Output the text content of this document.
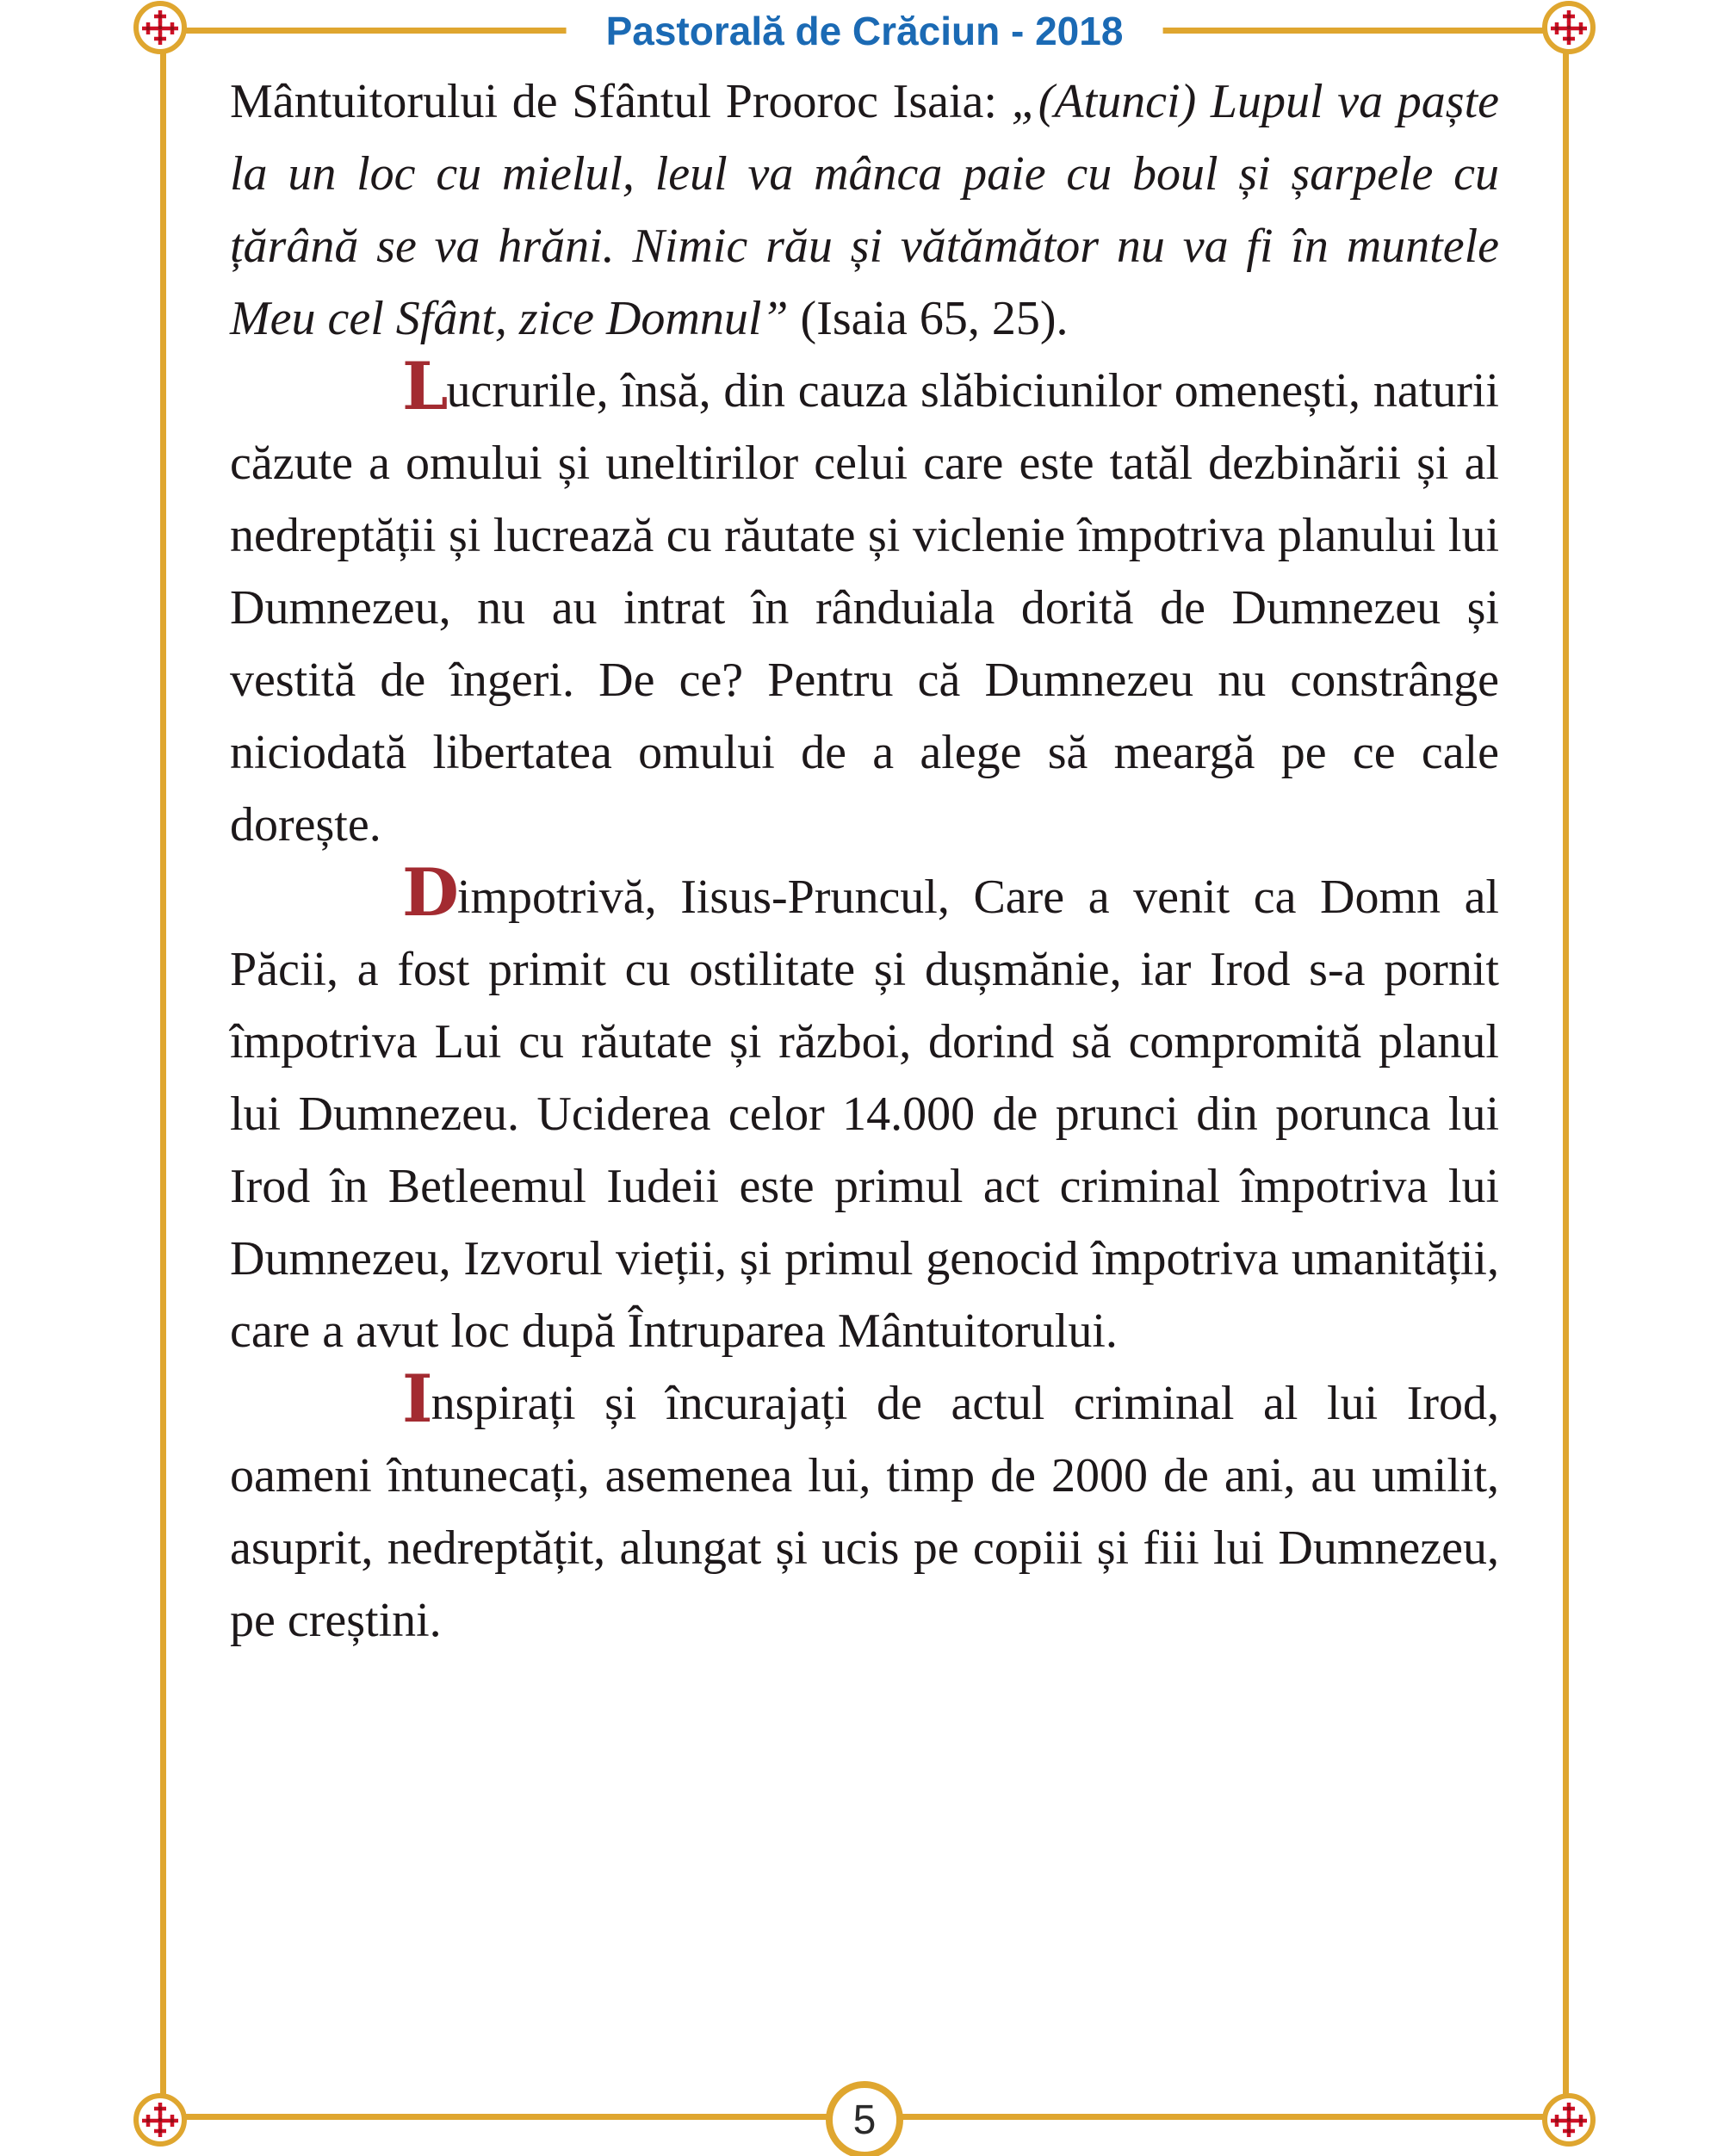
Pastorală de Crăciun - 2018

Mântuitorului de Sfântul Prooroc Isaia: „(Atunci) Lupul va paște la un loc cu mielul, leul va mânca paie cu boul și șarpele cu țărână se va hrăni. Nimic rău și vătămător nu va fi în muntele Meu cel Sfânt, zice Domnul” (Isaia 65, 25).

Lucrurile, însă, din cauza slăbiciunilor omenești, naturii căzute a omului și uneltirilor celui care este tatăl dezbinării și al nedreptății și lucrează cu răutate și viclenie împotriva planului lui Dumnezeu, nu au intrat în rânduiala dorită de Dumnezeu și vestită de îngeri. De ce? Pentru că Dumnezeu nu constrânge niciodată libertatea omului de a alege să meargă pe ce cale dorește.

Dimpotrivă, Iisus-Pruncul, Care a venit ca Domn al Păcii, a fost primit cu ostilitate și dușmănie, iar Irod s-a pornit împotriva Lui cu răutate și război, dorind să compromită planul lui Dumnezeu. Uciderea celor 14.000 de prunci din porunca lui Irod în Betleemul Iudeii este primul act criminal împotriva lui Dumnezeu, Izvorul vieții, și primul genocid împotriva umanității, care a avut loc după Întruparea Mântuitorului.

Inspirați și încurajați de actul criminal al lui Irod, oameni întunecați, asemenea lui, timp de 2000 de ani, au umilit, asuprit, nedreptățit, alungat și ucis pe copiii și fiii lui Dumnezeu, pe creștini.

5
